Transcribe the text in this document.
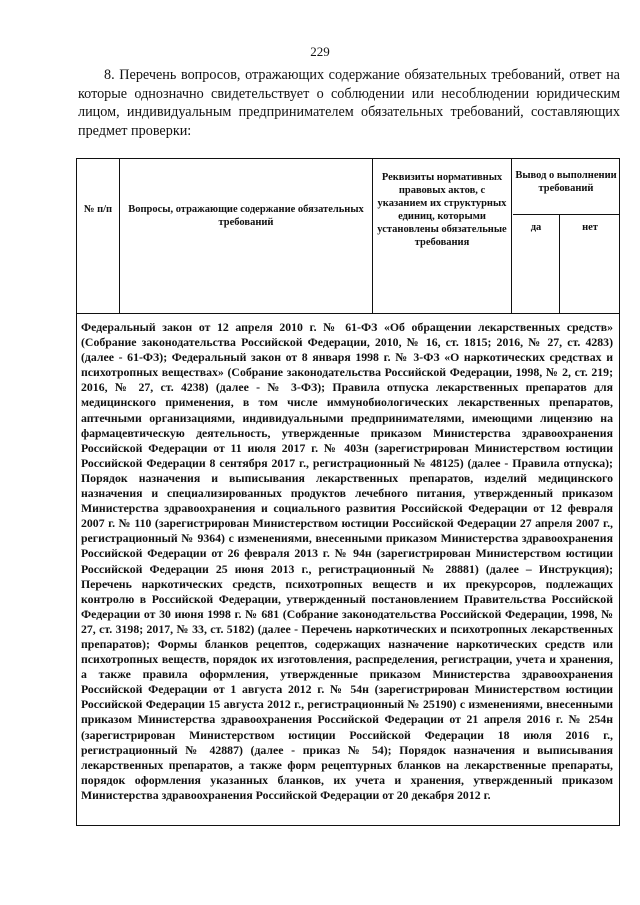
229

8. Перечень вопросов, отражающих содержание обязательных требований, ответ на которые однозначно свидетельствует о соблюдении или несоблюдении юридическим лицом, индивидуальным предпринимателем обязательных требований, составляющих предмет проверки:

№ п/п	Вопросы, отражающие содержание обязательных требований

Реквизиты нормативных правовых актов, с указанием их структурных единиц, которыми установлены обязательные требования

Вывод о выполнении требований

да	нет

Федеральный закон от 12 апреля 2010 г. № 61-ФЗ «Об обращении лекарственных средств» (Собрание законодательства Российской Федерации, 2010, № 16, ст. 1815; 2016, № 27, ст. 4283) (далее - 61-ФЗ); Федеральный закон от 8 января 1998 г. № 3-ФЗ «О наркотических средствах и психотропных веществах» (Собрание законодательства Российской Федерации, 1998, № 2, ст. 219; 2016, № 27, ст. 4238) (далее - № 3-ФЗ); Правила отпуска лекарственных препаратов для медицинского применения, в том числе иммунобиологических лекарственных препаратов, аптечными организациями, индивидуальными предпринимателями, имеющими лицензию на фармацевтическую деятельность, утвержденные приказом Министерства здравоохранения Российской Федерации от 11 июля 2017 г. № 403н (зарегистрирован Министерством юстиции Российской Федерации 8 сентября 2017 г., регистрационный № 48125) (далее - Правила отпуска); Порядок назначения и выписывания лекарственных препаратов, изделий медицинского назначения и специализированных продуктов лечебного питания, утвержденный приказом Министерства здравоохранения и социального развития Российской Федерации от 12 февраля 2007 г. № 110 (зарегистрирован Министерством юстиции Российской Федерации 27 апреля 2007 г., регистрационный № 9364) с изменениями, внесенными приказом Министерства здравоохранения Российской Федерации от 26 февраля 2013 г. № 94н (зарегистрирован Министерством юстиции Российской Федерации 25 июня 2013 г., регистрационный № 28881) (далее – Инструкция); Перечень наркотических средств, психотропных веществ и их прекурсоров, подлежащих контролю в Российской Федерации, утвержденный постановлением Правительства Российской Федерации от 30 июня 1998 г. № 681 (Собрание законодательства Российской Федерации, 1998, № 27, ст. 3198; 2017, № 33, ст. 5182) (далее - Перечень наркотических и психотропных лекарственных препаратов); Формы бланков рецептов, содержащих назначение наркотических средств или психотропных веществ, порядок их изготовления, распределения, регистрации, учета и хранения, а также правила оформления, утвержденные приказом Министерства здравоохранения Российской Федерации от 1 августа 2012 г. № 54н (зарегистрирован Министерством юстиции Российской Федерации 15 августа 2012 г., регистрационный № 25190) с изменениями, внесенными приказом Министерства здравоохранения Российской Федерации от 21 апреля 2016 г. № 254н (зарегистрирован Министерством юстиции Российской Федерации 18 июля 2016 г., регистрационный № 42887) (далее - приказ № 54); Порядок назначения и выписывания лекарственных препаратов, а также форм рецептурных бланков на лекарственные препараты, порядок оформления указанных бланков, их учета и хранения, утвержденный приказом Министерства здравоохранения Российской Федерации от 20 декабря 2012 г.
